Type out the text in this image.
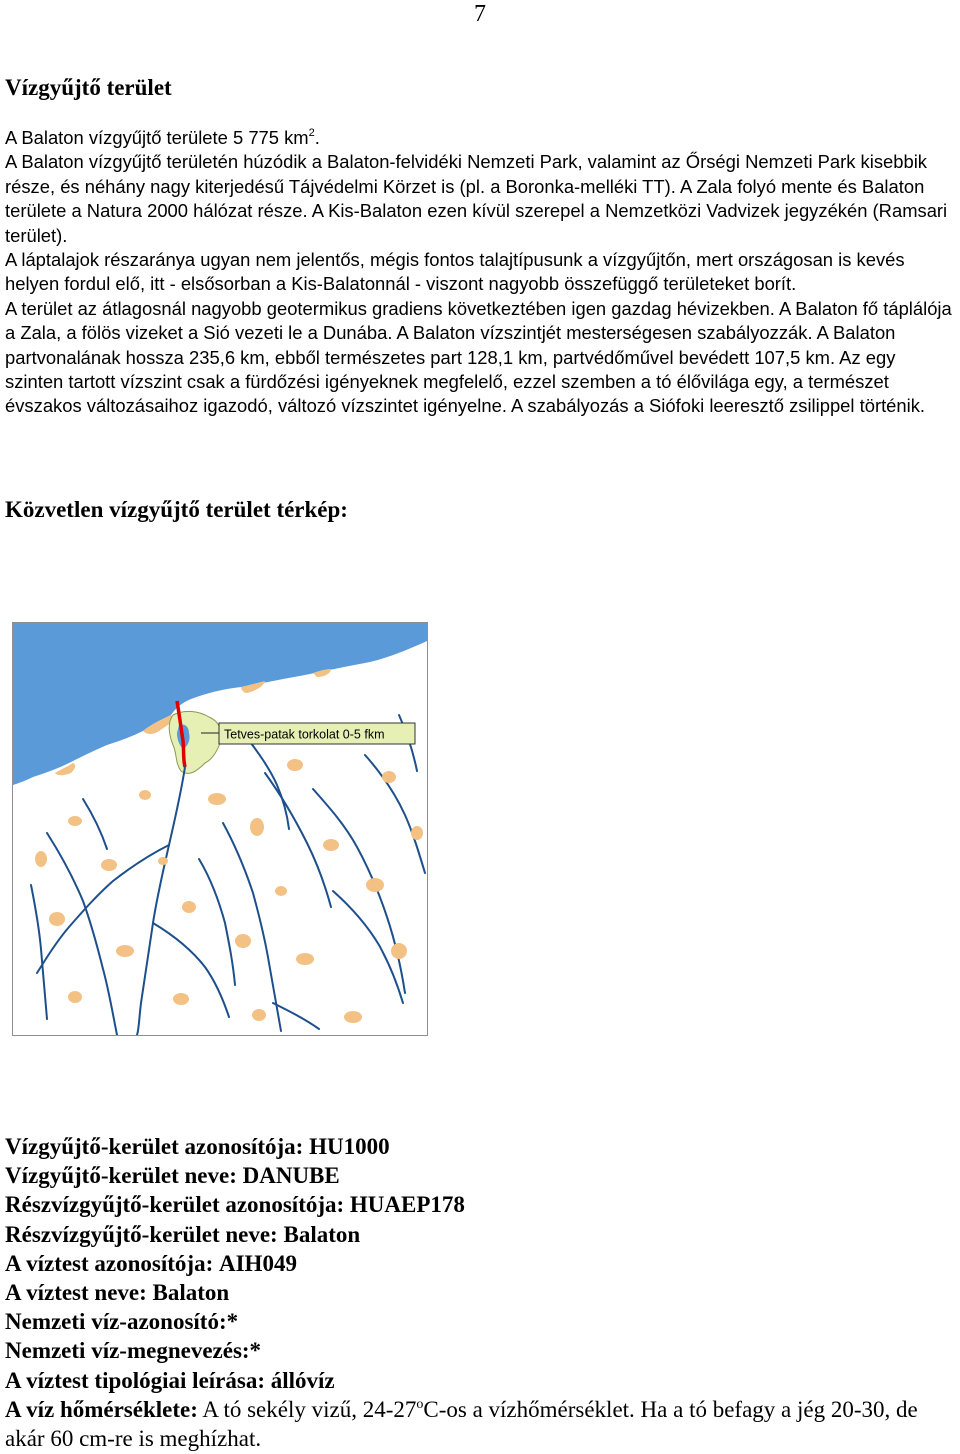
7
Vízgyűjtő terület

A Balaton vízgyűjtő területe 5 775 $km^2$.

A Balaton vízgyűjtő területén húzódik a Balaton-felvidéki Nemzeti Park, valamint az Őrségi Nemzeti Park kisebbik része, és néhány nagy kiterjedésű Tájvédelmi Körzet is (pl. a Boronka-melléki TT). A Zala folyó mente és Balaton területe a Natura 2000 hálózat része. A Kis-Balaton ezen kívül szerepel a Nemzetközi Vadvizek jegyzékén (Ramsari terület).

A láptalajok részaránya ugyan nem jelentős, mégis fontos talajtípusunk a vízgyűjtőn, mert országosan is kevés helyen fordul elő, itt - elsősorban a Kis-Balatonnál - viszont nagyobb összefüggő területeket borít.

A terület az átlagosnál nagyobb geotermikus gradiens következtében igen gazdag hévizekben. A Balaton fő táplálója a Zala, a fölös vizeket a Sió vezeti le a Dunába. A Balaton vízszintjét mesterségesen szabályozzák. A Balaton partvonalának hossza 235,6 km, ebből természetes part 128,1 km, partvédőművel bevédett 107,5 km. Az egy szinten tartott vízszint csak a fürdőzési igényeknek megfelelő, ezzel szemben a tó élővilága egy, a természet évszakos változásaihoz igazodó, változó vízszintet igényelne. A szabályozás a Siófoki leeresztő zsilippel történik.

Közvetlen vízgyűjtő terület térkép:
Tetves-patak torkolat 0-5 fkm

Vízgyűjtő-kerület azonosítója: HU1000

Vízgyűjtő-kerület neve: DANUBE

Részvízgyűjtő-kerület azonosítója: HUAEP178

Részvízgyűjtő-kerület neve: Balaton

A víztest azonosítója: AIH049

A víztest neve: Balaton

Nemzeti víz-azonosító:*

Nemzeti víz-megnevezés:*

A víztest tipológiai leírása: állóvíz

A víz hőmérséklete: A tó sekély vizű, 24-27$^o$C-os a vízhőmérséklet. Ha a tó befagy a jég 20-30, de akár 60 cm-re is meghízhat.
